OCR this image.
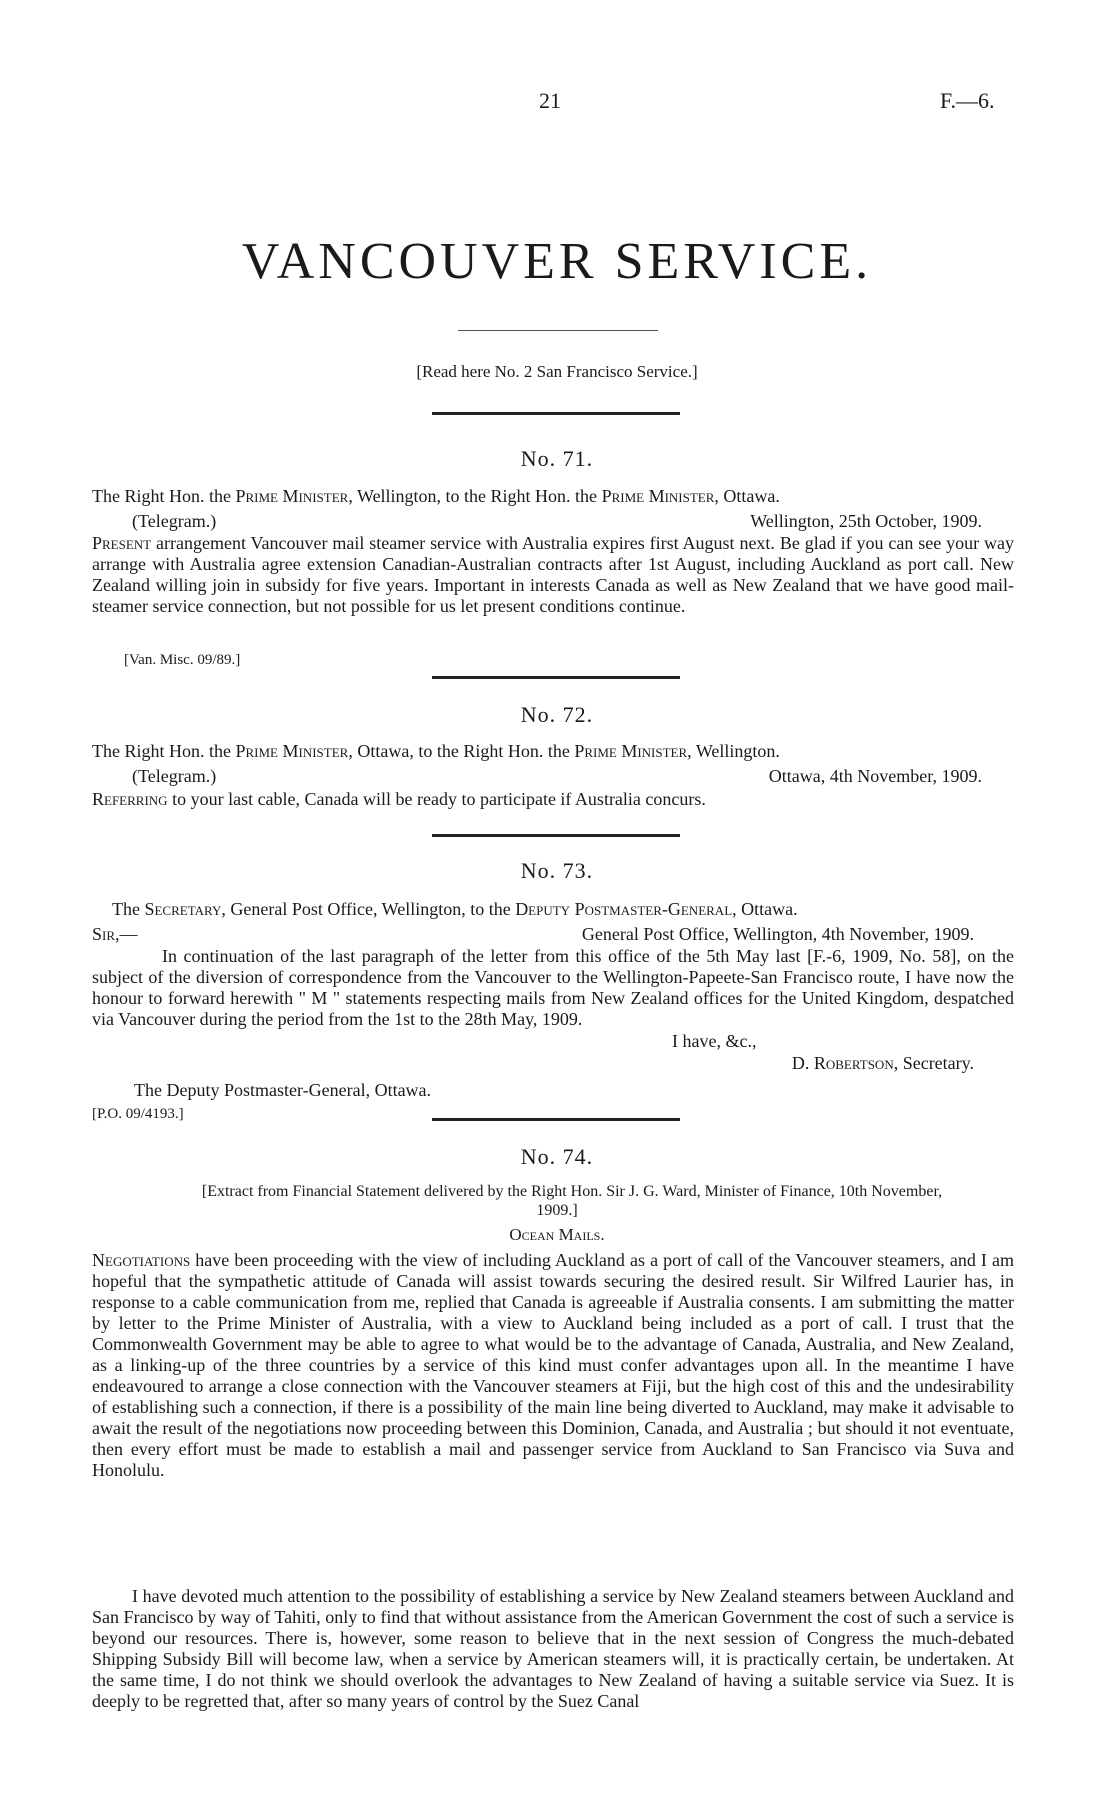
21	F.—6.
VANCOUVER SERVICE.
[Read here No. 2 San Francisco Service.]
No. 71.
The Right Hon. the Prime Minister, Wellington, to the Right Hon. the Prime Minister, Ottawa.
(Telegram.)	Wellington, 25th October, 1909.
Present arrangement Vancouver mail steamer service with Australia expires first August next. Be glad if you can see your way arrange with Australia agree extension Canadian-Australian contracts after 1st August, including Auckland as port call. New Zealand willing join in subsidy for five years. Important in interests Canada as well as New Zealand that we have good mail-steamer service connection, but not possible for us let present conditions continue.
[Van. Misc. 09/89.]
No. 72.
The Right Hon. the Prime Minister, Ottawa, to the Right Hon. the Prime Minister, Wellington.
(Telegram.)	Ottawa, 4th November, 1909.
Referring to your last cable, Canada will be ready to participate if Australia concurs.
No. 73.
The Secretary, General Post Office, Wellington, to the Deputy Postmaster-General, Ottawa.
Sir,—	General Post Office, Wellington, 4th November, 1909.
In continuation of the last paragraph of the letter from this office of the 5th May last [F.-6, 1909, No. 58], on the subject of the diversion of correspondence from the Vancouver to the Wellington-Papeete-San Francisco route, I have now the honour to forward herewith " M " statements respecting mails from New Zealand offices for the United Kingdom, despatched via Vancouver during the period from the 1st to the 28th May, 1909.
I have, &c.,
D. Robertson, Secretary.
The Deputy Postmaster-General, Ottawa.
[P.O. 09/4193.]
No. 74.
[Extract from Financial Statement delivered by the Right Hon. Sir J. G. Ward, Minister of Finance, 10th November,
1909.]
Ocean Mails.
Negotiations have been proceeding with the view of including Auckland as a port of call of the Vancouver steamers, and I am hopeful that the sympathetic attitude of Canada will assist towards securing the desired result. Sir Wilfred Laurier has, in response to a cable communication from me, replied that Canada is agreeable if Australia consents. I am submitting the matter by letter to the Prime Minister of Australia, with a view to Auckland being included as a port of call. I trust that the Commonwealth Government may be able to agree to what would be to the advantage of Canada, Australia, and New Zealand, as a linking-up of the three countries by a service of this kind must confer advantages upon all. In the meantime I have endeavoured to arrange a close connection with the Vancouver steamers at Fiji, but the high cost of this and the undesirability of establishing such a connection, if there is a possibility of the main line being diverted to Auckland, may make it advisable to await the result of the negotiations now proceeding between this Dominion, Canada, and Australia ; but should it not eventuate, then every effort must be made to establish a mail and passenger service from Auckland to San Francisco via Suva and Honolulu.
I have devoted much attention to the possibility of establishing a service by New Zealand steamers between Auckland and San Francisco by way of Tahiti, only to find that without assistance from the American Government the cost of such a service is beyond our resources. There is, however, some reason to believe that in the next session of Congress the much-debated Shipping Subsidy Bill will become law, when a service by American steamers will, it is practically certain, be undertaken. At the same time, I do not think we should overlook the advantages to New Zealand of having a suitable service via Suez. It is deeply to be regretted that, after so many years of control by the Suez Canal
